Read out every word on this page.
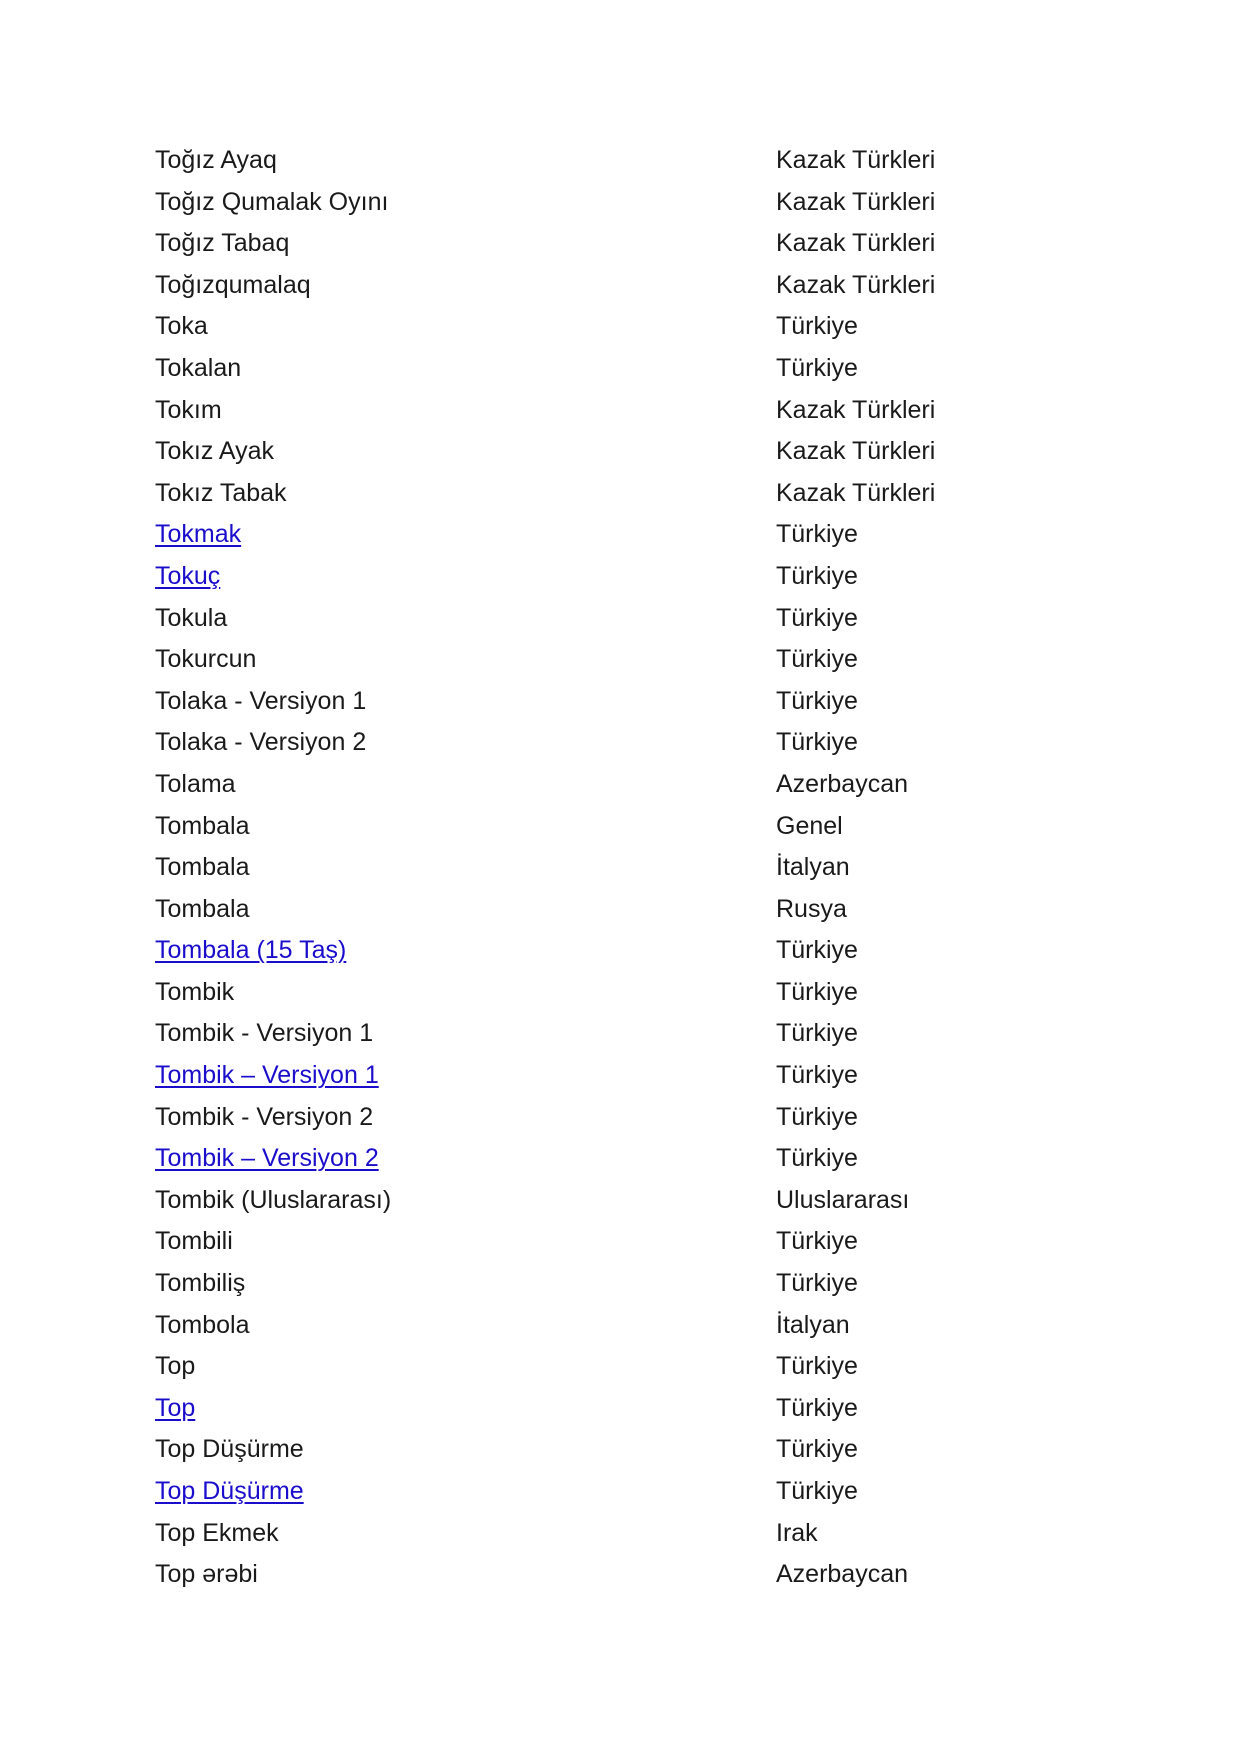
Toğız Ayaq	Kazak Türkleri
Toğız Qumalak Oyını	Kazak Türkleri
Toğız Tabaq	Kazak Türkleri
Toğızqumalaq	Kazak Türkleri
Toka	Türkiye
Tokalan	Türkiye
Tokım	Kazak Türkleri
Tokız Ayak	Kazak Türkleri
Tokız Tabak	Kazak Türkleri
Tokmak	Türkiye
Tokuç	Türkiye
Tokula	Türkiye
Tokurcun	Türkiye
Tolaka - Versiyon 1	Türkiye
Tolaka - Versiyon 2	Türkiye
Tolama	Azerbaycan
Tombala	Genel
Tombala	İtalyan
Tombala	Rusya
Tombala (15 Taş)	Türkiye
Tombik	Türkiye
Tombik - Versiyon 1	Türkiye
Tombik – Versiyon 1	Türkiye
Tombik - Versiyon 2	Türkiye
Tombik – Versiyon 2	Türkiye
Tombik (Uluslararası)	Uluslararası
Tombili	Türkiye
Tombiliş	Türkiye
Tombola	İtalyan
Top	Türkiye
Top	Türkiye
Top Düşürme	Türkiye
Top Düşürme	Türkiye
Top Ekmek	Irak
Top ərəbi	Azerbaycan
